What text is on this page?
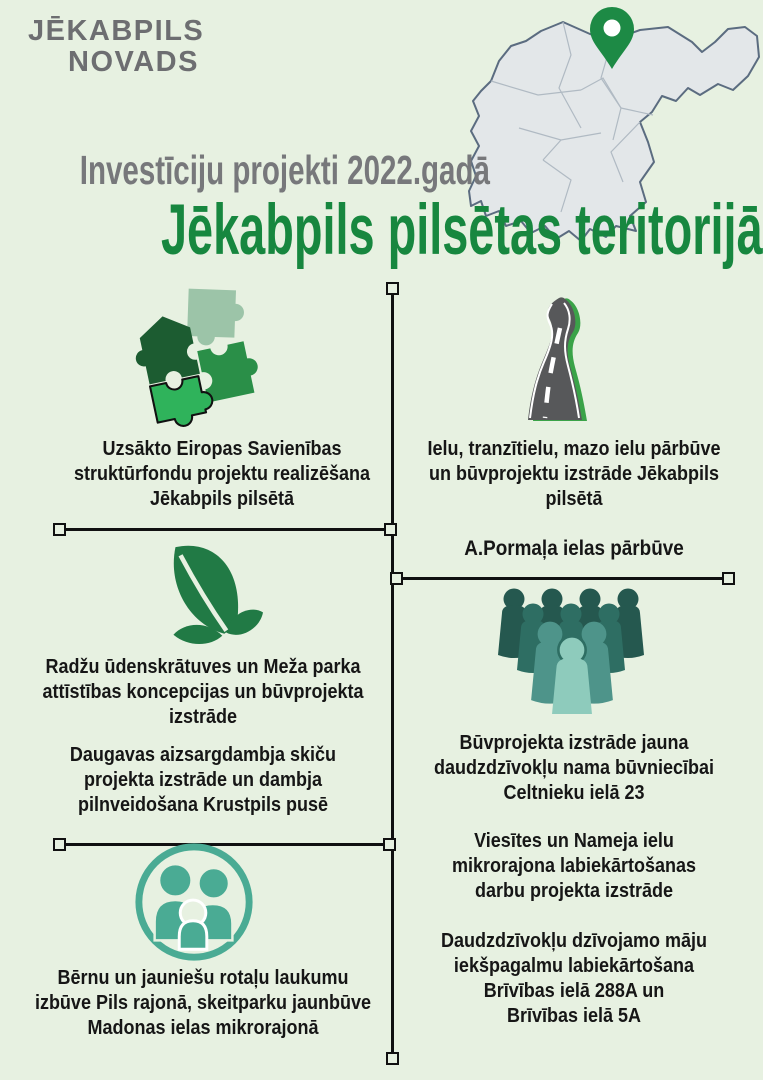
JĒKABPILS
NOVADS
Investīciju projekti 2022.gadā
Jēkabpils pilsētas teritorijā
Uzsākto Eiropas Savienības
struktūrfondu projektu realizēšana
Jēkabpils pilsētā
Ielu, tranzītielu, mazo ielu pārbūve
un būvprojektu izstrāde Jēkabpils
pilsētā
A.Pormaļa ielas pārbūve
Radžu ūdenskrātuves un Meža parka
attīstības koncepcijas un būvprojekta
izstrāde
Daugavas aizsargdambja skiču
projekta izstrāde un dambja
pilnveidošana Krustpils pusē
Būvprojekta izstrāde jauna
daudzdzīvokļu nama būvniecībai
Celtnieku ielā 23
Viesītes un Nameja ielu
mikrorajona labiekārtošanas
darbu projekta izstrāde
Daudzdzīvokļu dzīvojamo māju
iekšpagalmu labiekārtošana
Brīvības ielā 288A un
Brīvības ielā 5A
Bērnu un jauniešu rotaļu laukumu
izbūve Pils rajonā, skeitparku jaunbūve
Madonas ielas mikrorajonā
